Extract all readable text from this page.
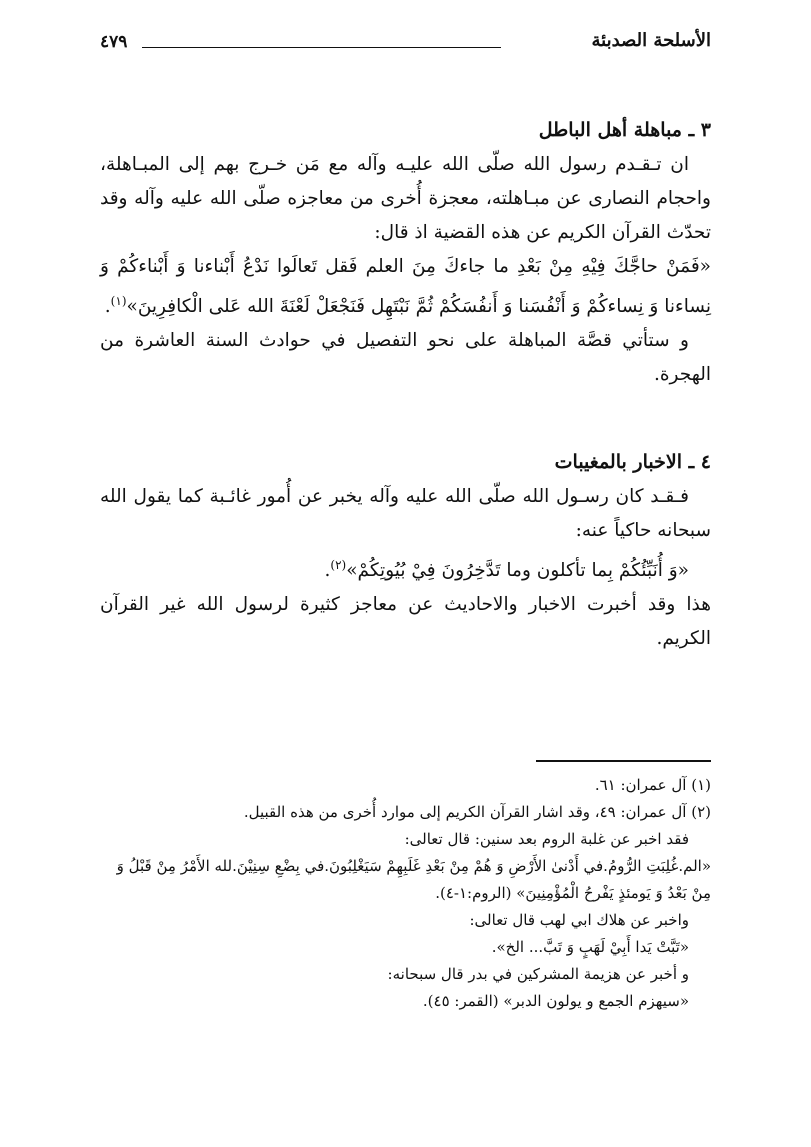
٤٧٩	الأسلحة الصدبئة
٣ ـ مباهلة أهل الباطل

ان تـقـدم رسول الله صلّى الله عليـه وآله مع مَن خـرج بهم إلى المبـاهلة، واحجام النصارى عن مبـاهلته، معجزة أُخرى من معاجزه صلّى الله عليه وآله وقد تحدّث القرآن الكريم عن هذه القضية اذ قال:

«فَمَنْ حاجَّكَ فِيْهِ مِنْ بَعْدِ ما جاءكَ مِنَ العلم فَقل تَعالَوا نَدْعُ أَبْناءنا وَ أَبْناءكُمْ وَ نِساءنا وَ نِساءكُمْ وَ أَنْفُسَنا وَ أَنفُسَكُمْ ثُمَّ نَبْتَهِل فَنَجْعَلْ لَعْنَةَ الله عَلى الْكافِرِينَ»$^{(١)}$.

و ستأتي قصَّة المباهلة على نحو التفصيل في حوادث السنة العاشرة من الهجرة.

٤ ـ الاخبار بالمغيبات

فـقـد كان رسـول الله صلّى الله عليه وآله يخبر عن أُمور غائـبة كما يقول الله سبحانه حاكياً عنه:

«وَ أُنَبِّئُكُمْ بِما تأكلون وما تَدَّخِرُونَ فِيْ بُيُوتِكُمْ»$^{(٢)}$.

هذا وقد أخبرت الاخبار والاحاديث عن معاجز كثيرة لرسول الله غير القرآن الكريم.

(١) آل عمران: ٦١.

(٢) آل عمران: ٤٩، وقد اشار القرآن الكريم إلى موارد أُخرى من هذه القبيل.

فقد اخبر عن غلبة الروم بعد سنين: قال تعالى:

«الم.غُلِبَتِ الرُّومُ.في أَدْنىٰ الأَرْضِ وَ هُمْ مِنْ بَعْدِ غَلَبِهِمْ سَيَغْلِبُونَ.في بِضْعِ سِنِيْنَ.لله الأَمْرُ مِنْ قَبْلُ وَ مِنْ بَعْدُ وَ يَومئذٍ يَفْرحُ الْمُؤْمِنِينَ» (الروم:١-٤).

واخبر عن هلاك ابي لهب قال تعالى:

«تَبَّتْ يَدا أَبِيْ لَهَبٍ وَ تَبَّ... الخ».

و أخبر عن هزيمة المشركين في بدر قال سبحانه:

«سيهزم الجمع و يولون الدبر» (القمر: ٤٥).
